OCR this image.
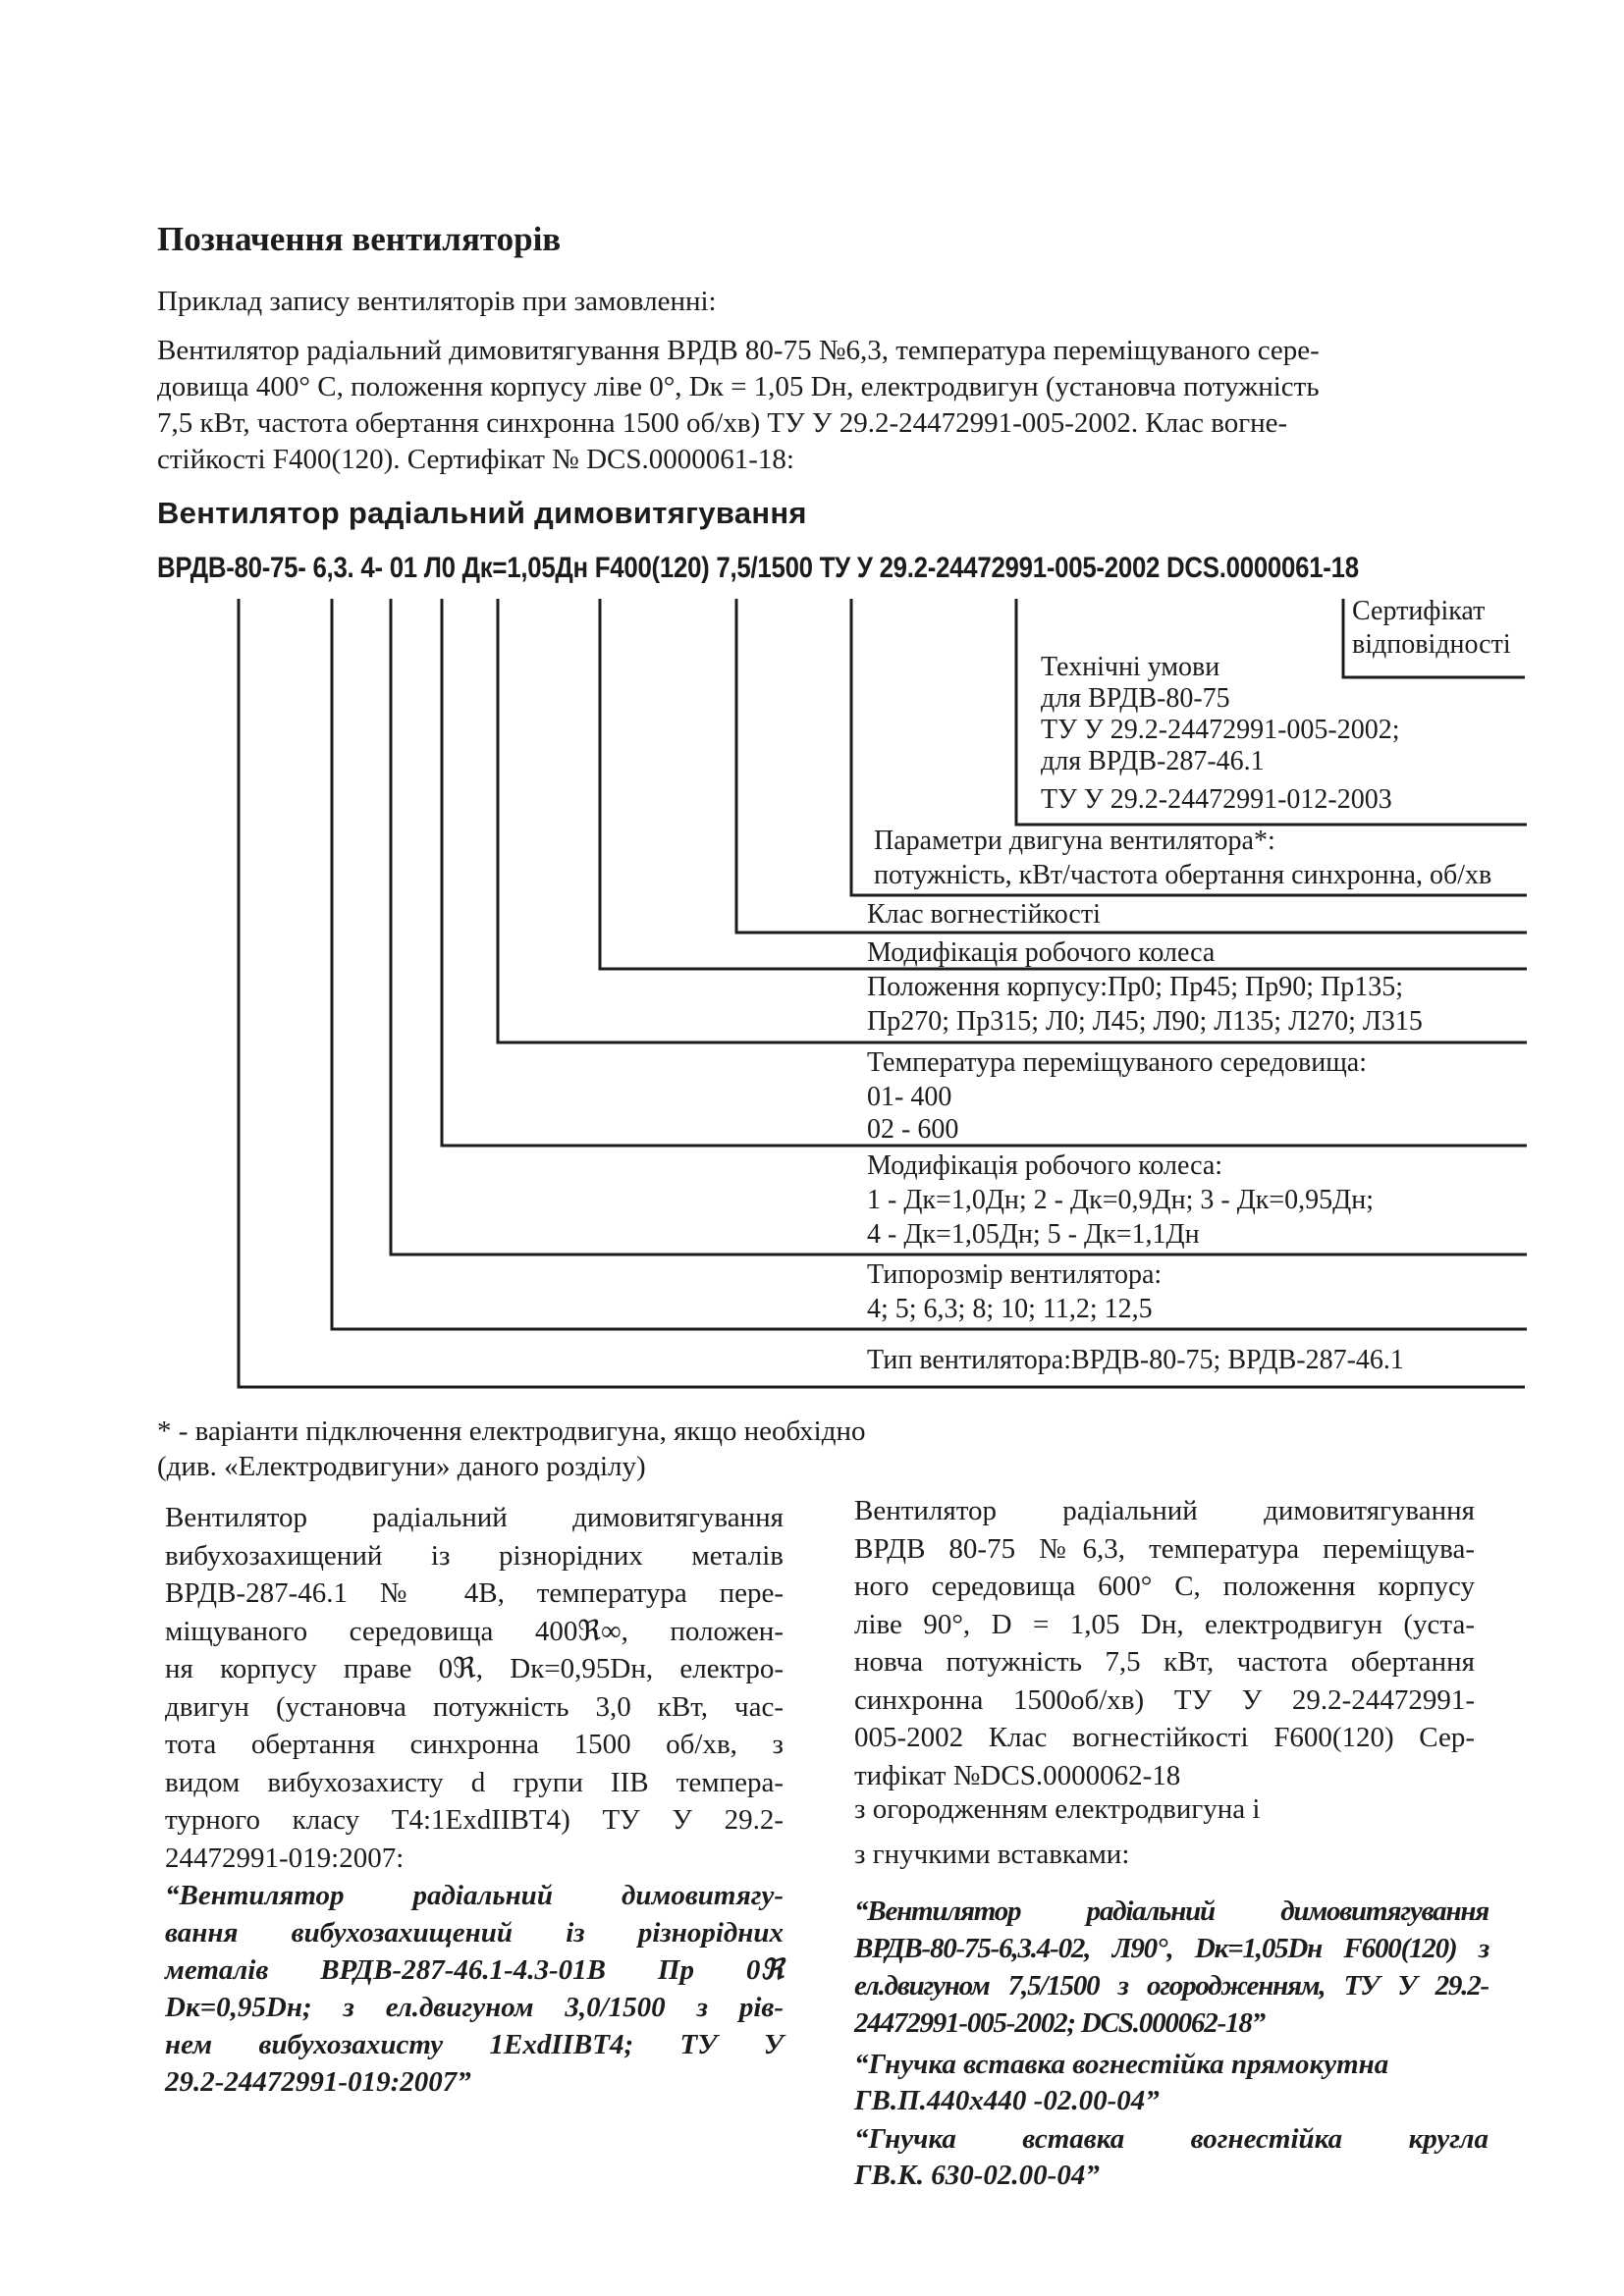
Позначення вентиляторів
Приклад запису вентиляторів при замовленні:
Вентилятор радіальний димовитягування ВРДВ 80-75 №6,3, температура переміщуваного сере-
довища 400° С, положення корпусу ліве 0°, Dк = 1,05 Dн, електродвигун (установча потужність
7,5 кВт, частота обертання синхронна 1500 об/хв) ТУ У 29.2-24472991-005-2002. Клас вогне-
стійкості F400(120). Сертифікат № DCS.0000061-18:
Вентилятор радіальний димовитягування
ВРДВ-80-75- 6,3. 4- 01 Л0 Дк=1,05Дн F400(120) 7,5/1500 ТУ У 29.2-24472991-005-2002 DCS.0000061-18
Сертифікат
відповідності
Технічні умови
для ВРДВ-80-75
ТУ У 29.2-24472991-005-2002;
для ВРДВ-287-46.1
ТУ У 29.2-24472991-012-2003
Параметри двигуна вентилятора*:
потужність, кВт/частота обертання синхронна, об/хв
Клас вогнестійкості
Модифікація робочого колеса
Положення корпусу:Пр0; Пр45; Пр90; Пр135;
Пр270; Пр315; Л0; Л45; Л90; Л135; Л270; Л315
Температура переміщуваного середовища:
01- 400
02 - 600
Модифікація робочого колеса:
1 - Дк=1,0Дн; 2 - Дк=0,9Дн; 3 - Дк=0,95Дн;
4 - Дк=1,05Дн; 5 - Дк=1,1Дн
Типорозмір вентилятора:
4; 5; 6,3; 8; 10; 11,2; 12,5
Тип вентилятора:ВРДВ-80-75; ВРДВ-287-46.1
* - варіанти підключення електродвигуна, якщо необхідно
(див. «Електродвигуни» даного розділу)
Вентилятор радіальний димовитягування
вибухозахищений із різнорідних металів
ВРДВ-287-46.1 № 4В, температура пере-
міщуваного середовища 400ℜ∞, положен-
ня корпусу праве 0ℜ, Dк=0,95Dн, електро-
двигун (установча потужність 3,0 кВт, час-
тота обертання синхронна 1500 об/хв, з
видом вибухозахисту d групи IIB темпера-
турного класу T4:1ExdIIBT4) ТУ У 29.2-
24472991-019:2007:
“Вентилятор радіальний димовитягу-
вання вибухозахищений із різнорідних
металів ВРДВ-287-46.1-4.3-01В Пр 0ℜ
Dк=0,95Dн; з ел.двигуном 3,0/1500 з рів-
нем вибухозахисту 1ExdIIBT4; ТУ У
29.2-24472991-019:2007”
Вентилятор радіальний димовитягування
ВРДВ 80-75 №6,3, температура переміщува-
ного середовища 600° С, положення корпусу
ліве 90°, D = 1,05 Dн, електродвигун (уста-
новча потужність 7,5 кВт, частота обертання
синхронна 1500об/хв) ТУ У 29.2-24472991-
005-2002 Клас вогнестійкості F600(120) Сер-
тифікат №DCS.0000062-18
з огородженням електродвигуна і
з гнучкими вставками:
“Вентилятор радіальний димовитягування
ВРДВ-80-75-6,3.4-02, Л90°, Dк=1,05Dн F600(120) з
ел.двигуном 7,5/1500 з огородженням, ТУ У 29.2-
24472991-005-2002; DCS.000062-18”
“Гнучка вставка вогнестійка прямокутна
ГВ.П.440х440 -02.00-04”
“Гнучка вставка вогнестійка кругла
ГВ.К. 630-02.00-04”
